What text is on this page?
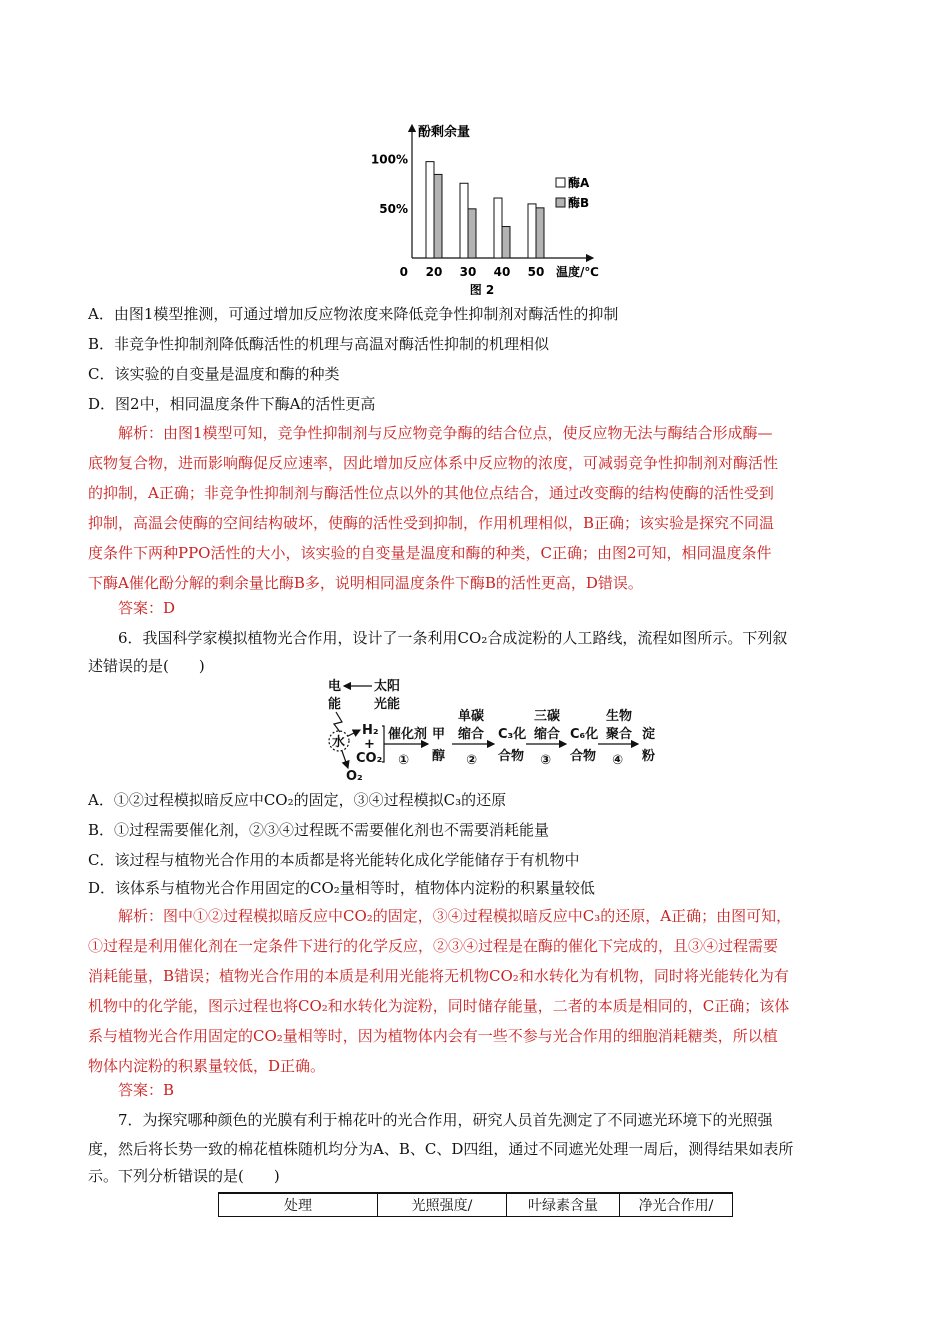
酚剩余量
100%
50%
0 20 30 40 50 温度/℃
图 2
酶A
酶B
A．由图1模型推测，可通过增加反应物浓度来降低竞争性抑制剂对酶活性的抑制
B．非竞争性抑制剂降低酶活性的机理与高温对酶活性抑制的机理相似
C．该实验的自变量是温度和酶的种类
D．图2中，相同温度条件下酶A的活性更高
解析：由图1模型可知，竞争性抑制剂与反应物竞争酶的结合位点，使反应物无法与酶结合形成酶—
底物复合物，进而影响酶促反应速率，因此增加反应体系中反应物的浓度，可减弱竞争性抑制剂对酶活性
的抑制，A正确；非竞争性抑制剂与酶活性位点以外的其他位点结合，通过改变酶的结构使酶的活性受到
抑制，高温会使酶的空间结构破坏，使酶的活性受到抑制，作用机理相似，B正确；该实验是探究不同温
度条件下两种PPO活性的大小，该实验的自变量是温度和酶的种类，C正确；由图2可知，相同温度条件
下酶A催化酚分解的剩余量比酶B多，说明相同温度条件下酶B的活性更高，D错误。
答案：D
6．我国科学家模拟植物光合作用，设计了一条利用CO₂合成淀粉的人工路线，流程如图所示。下列叙
述错误的是(　　)
电
能
太阳
光能
水
H₂
+
CO₂
O₂
催化剂
①
甲
醇
单碳
缩合
②
C₃化
合物
三碳
缩合
③
C₆化
合物
生物
聚合
④
淀
粉
A．①②过程模拟暗反应中CO₂的固定，③④过程模拟C₃的还原
B．①过程需要催化剂，②③④过程既不需要催化剂也不需要消耗能量
C．该过程与植物光合作用的本质都是将光能转化成化学能储存于有机物中
D．该体系与植物光合作用固定的CO₂量相等时，植物体内淀粉的积累量较低
解析：图中①②过程模拟暗反应中CO₂的固定，③④过程模拟暗反应中C₃的还原，A正确；由图可知，
①过程是利用催化剂在一定条件下进行的化学反应，②③④过程是在酶的催化下完成的，且③④过程需要
消耗能量，B错误；植物光合作用的本质是利用光能将无机物CO₂和水转化为有机物，同时将光能转化为有
机物中的化学能，图示过程也将CO₂和水转化为淀粉，同时储存能量，二者的本质是相同的，C正确；该体
系与植物光合作用固定的CO₂量相等时，因为植物体内会有一些不参与光合作用的细胞消耗糖类，所以植
物体内淀粉的积累量较低，D正确。
答案：B
7．为探究哪种颜色的光膜有利于棉花叶的光合作用，研究人员首先测定了不同遮光环境下的光照强
度，然后将长势一致的棉花植株随机均分为A、B、C、D四组，通过不同遮光处理一周后，测得结果如表所
示。下列分析错误的是(　　)
处理	光照强度/	叶绿素含量	净光合作用/
